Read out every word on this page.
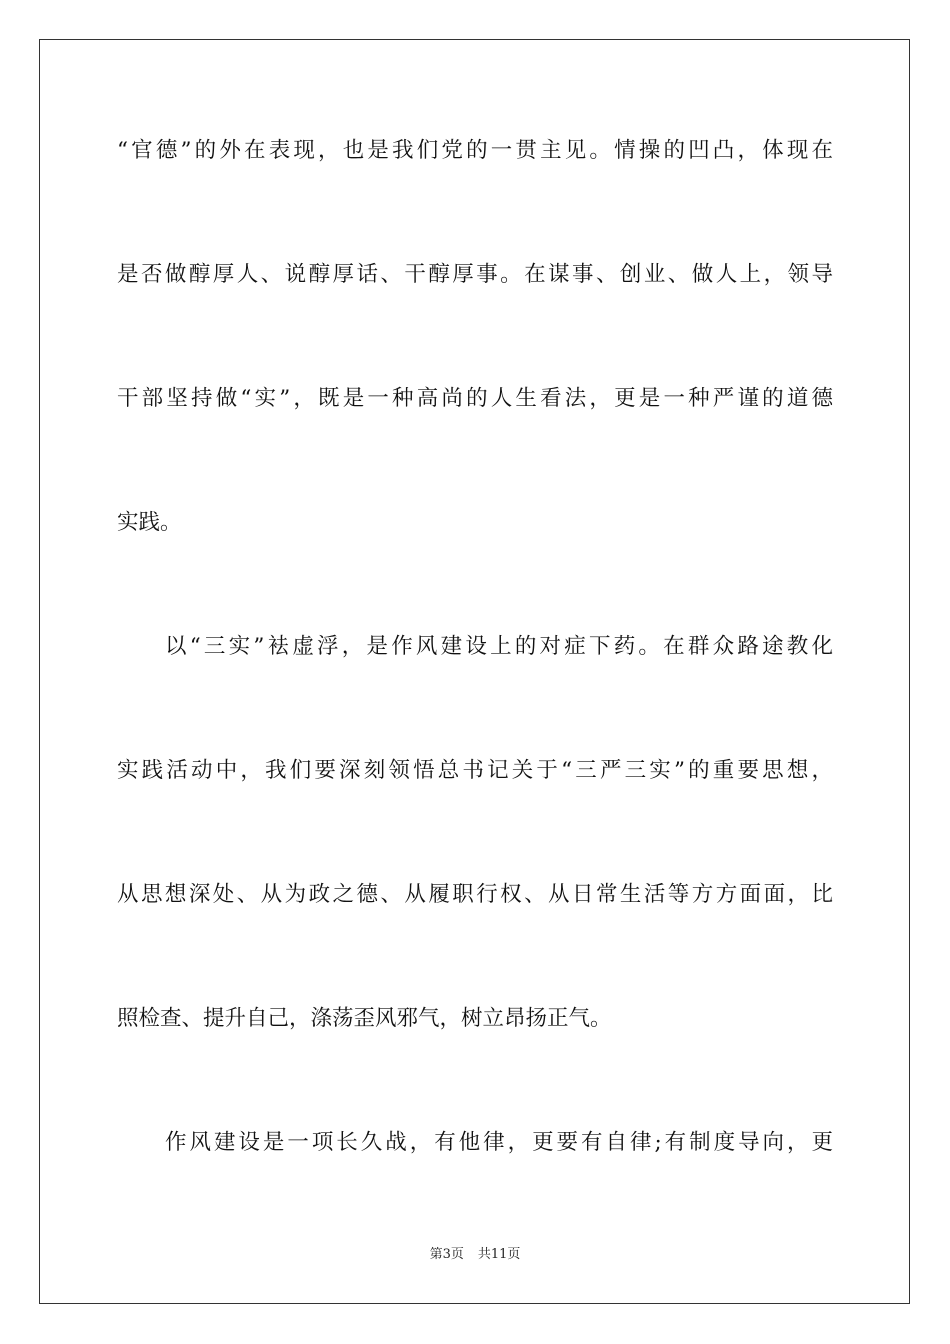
“官德”的外在表现，也是我们党的一贯主见。情操的凹凸，体现在
是否做醇厚人、说醇厚话、干醇厚事。在谋事、创业、做人上，领导
干部坚持做“实”，既是一种高尚的人生看法，更是一种严谨的道德
实践。
以“三实”袪虚浮，是作风建设上的对症下药。在群众路途教化
实践活动中，我们要深刻领悟总书记关于“三严三实”的重要思想，
从思想深处、从为政之德、从履职行权、从日常生活等方方面面，比
照检查、提升自己，涤荡歪风邪气，树立昂扬正气。
作风建设是一项长久战，有他律，更要有自律;有制度导向，更
第3页 共11页
